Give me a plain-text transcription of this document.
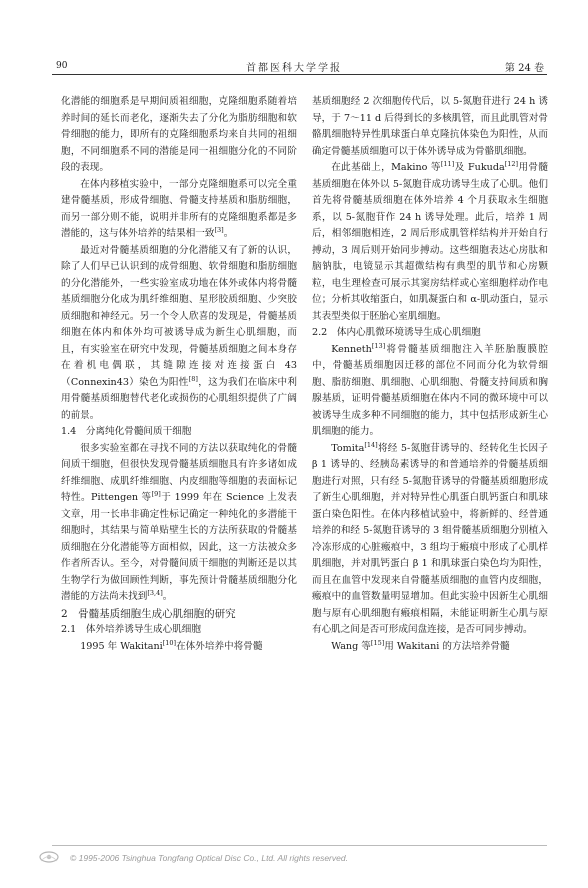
90	首都医科大学学报	第 24 卷

化潜能的细胞系是早期间质祖细胞，克隆细胞系随着培养时间的延长而老化，逐渐失去了分化为脂肪细胞和软骨细胞的能力，即所有的克隆细胞系均来自共同的祖细胞，不同细胞系不同的潜能是同一祖细胞分化的不同阶段的表现。

在体内移植实验中，一部分克隆细胞系可以完全重建骨髓基质，形成骨细胞、骨髓支持基质和脂肪细胞，而另一部分则不能，说明并非所有的克隆细胞系都是多潜能的，这与体外培养的结果相一致[3]。

最近对骨髓基质细胞的分化潜能又有了新的认识，除了人们早已认识到的成骨细胞、软骨细胞和脂肪细胞的分化潜能外，一些实验室成功地在体外或体内将骨髓基质细胞分化成为肌纤维细胞、星形胶质细胞、少突胶质细胞和神经元。另一个令人欣喜的发现是，骨髓基质细胞在体内和体外均可被诱导成为新生心肌细胞，而且，有实验室在研究中发现，骨髓基质细胞之间本身存在着机电偶联，其缝隙连接对连接蛋白 43（Connexin43）染色为阳性[8]，这为我们在临床中利用骨髓基质细胞替代老化或损伤的心肌组织提供了广阔的前景。

1.4　分离纯化骨髓间质干细胞

很多实验室都在寻找不同的方法以获取纯化的骨髓间质干细胞，但很快发现骨髓基质细胞具有许多诸如成纤维细胞、成肌纤维细胞、内皮细胞等细胞的表面标记特性。Pittengen 等[9]于 1999 年在 Science 上发表文章，用一长串非确定性标记确定一种纯化的多潜能干细胞时，其结果与简单贴壁生长的方法所获取的骨髓基质细胞在分化潜能等方面相似，因此，这一方法被众多作者所否认。至今，对骨髓间质干细胞的判断还是以其生物学行为做回顾性判断，事先预计骨髓基质细胞分化潜能的方法尚未找到[3,4]。

2　骨髓基质细胞生成心肌细胞的研究

2.1　体外培养诱导生成心肌细胞

1995 年 Wakitani[10]在体外培养中将骨髓

基质细胞经 2 次细胞传代后，以 5-氮胞苷进行 24 h 诱导，于 7～11 d 后得到长的多核肌管，而且此肌管对骨骼肌细胞特异性肌球蛋白单克隆抗体染色为阳性，从而确定骨髓基质细胞可以于体外诱导成为骨骼肌细胞。

在此基础上，Makino 等[11]及 Fukuda[12]用骨髓基质细胞在体外以 5-氮胞苷成功诱导生成了心肌。他们首先将骨髓基质细胞在体外培养 4 个月获取永生细胞系，以 5-氮胞苷作 24 h 诱导处理。此后，培养 1 周后，相邻细胞相连，2 周后形成肌管样结构并开始自行搏动，3 周后则开始同步搏动。这些细胞表达心房肽和脑钠肽，电镜显示其超微结构有典型的肌节和心房颗粒，电生理检查可展示其窦房结样或心室细胞样动作电位；分析其收缩蛋白，如肌凝蛋白和 α-肌动蛋白，显示其表型类似于胚胎心室肌细胞。

2.2　体内心肌微环境诱导生成心肌细胞

Kenneth[13]将骨髓基质细胞注入羊胚胎腹膜腔中，骨髓基质细胞因迁移的部位不同而分化为软骨细胞、脂肪细胞、肌细胞、心肌细胞、骨髓支持间质和胸腺基质，证明骨髓基质细胞在体内不同的微环境中可以被诱导生成多种不同细胞的能力，其中包括形成新生心肌细胞的能力。

Tomita[14]将经 5-氮胞苷诱导的、经转化生长因子 β 1 诱导的、经胰岛素诱导的和普通培养的骨髓基质细胞进行对照，只有经 5-氮胞苷诱导的骨髓基质细胞形成了新生心肌细胞，并对特异性心肌蛋白肌钙蛋白和肌球蛋白染色阳性。在体内移植试验中，将新鲜的、经普通培养的和经 5-氮胞苷诱导的 3 组骨髓基质细胞分别植入冷冻形成的心脏瘢痕中，3 组均于瘢痕中形成了心肌样肌细胞，并对肌钙蛋白 β 1 和肌球蛋白染色均为阳性，而且在血管中发现来自骨髓基质细胞的血管内皮细胞，瘢痕中的血管数量明显增加。但此实验中因新生心肌细胞与原有心肌细胞有瘢痕相隔，未能证明新生心肌与原有心肌之间是否可形成闰盘连接，是否可同步搏动。

Wang 等[15]用 Wakitani 的方法培养骨髓

© 1995-2006 Tsinghua Tongfang Optical Disc Co., Ltd. All rights reserved.
